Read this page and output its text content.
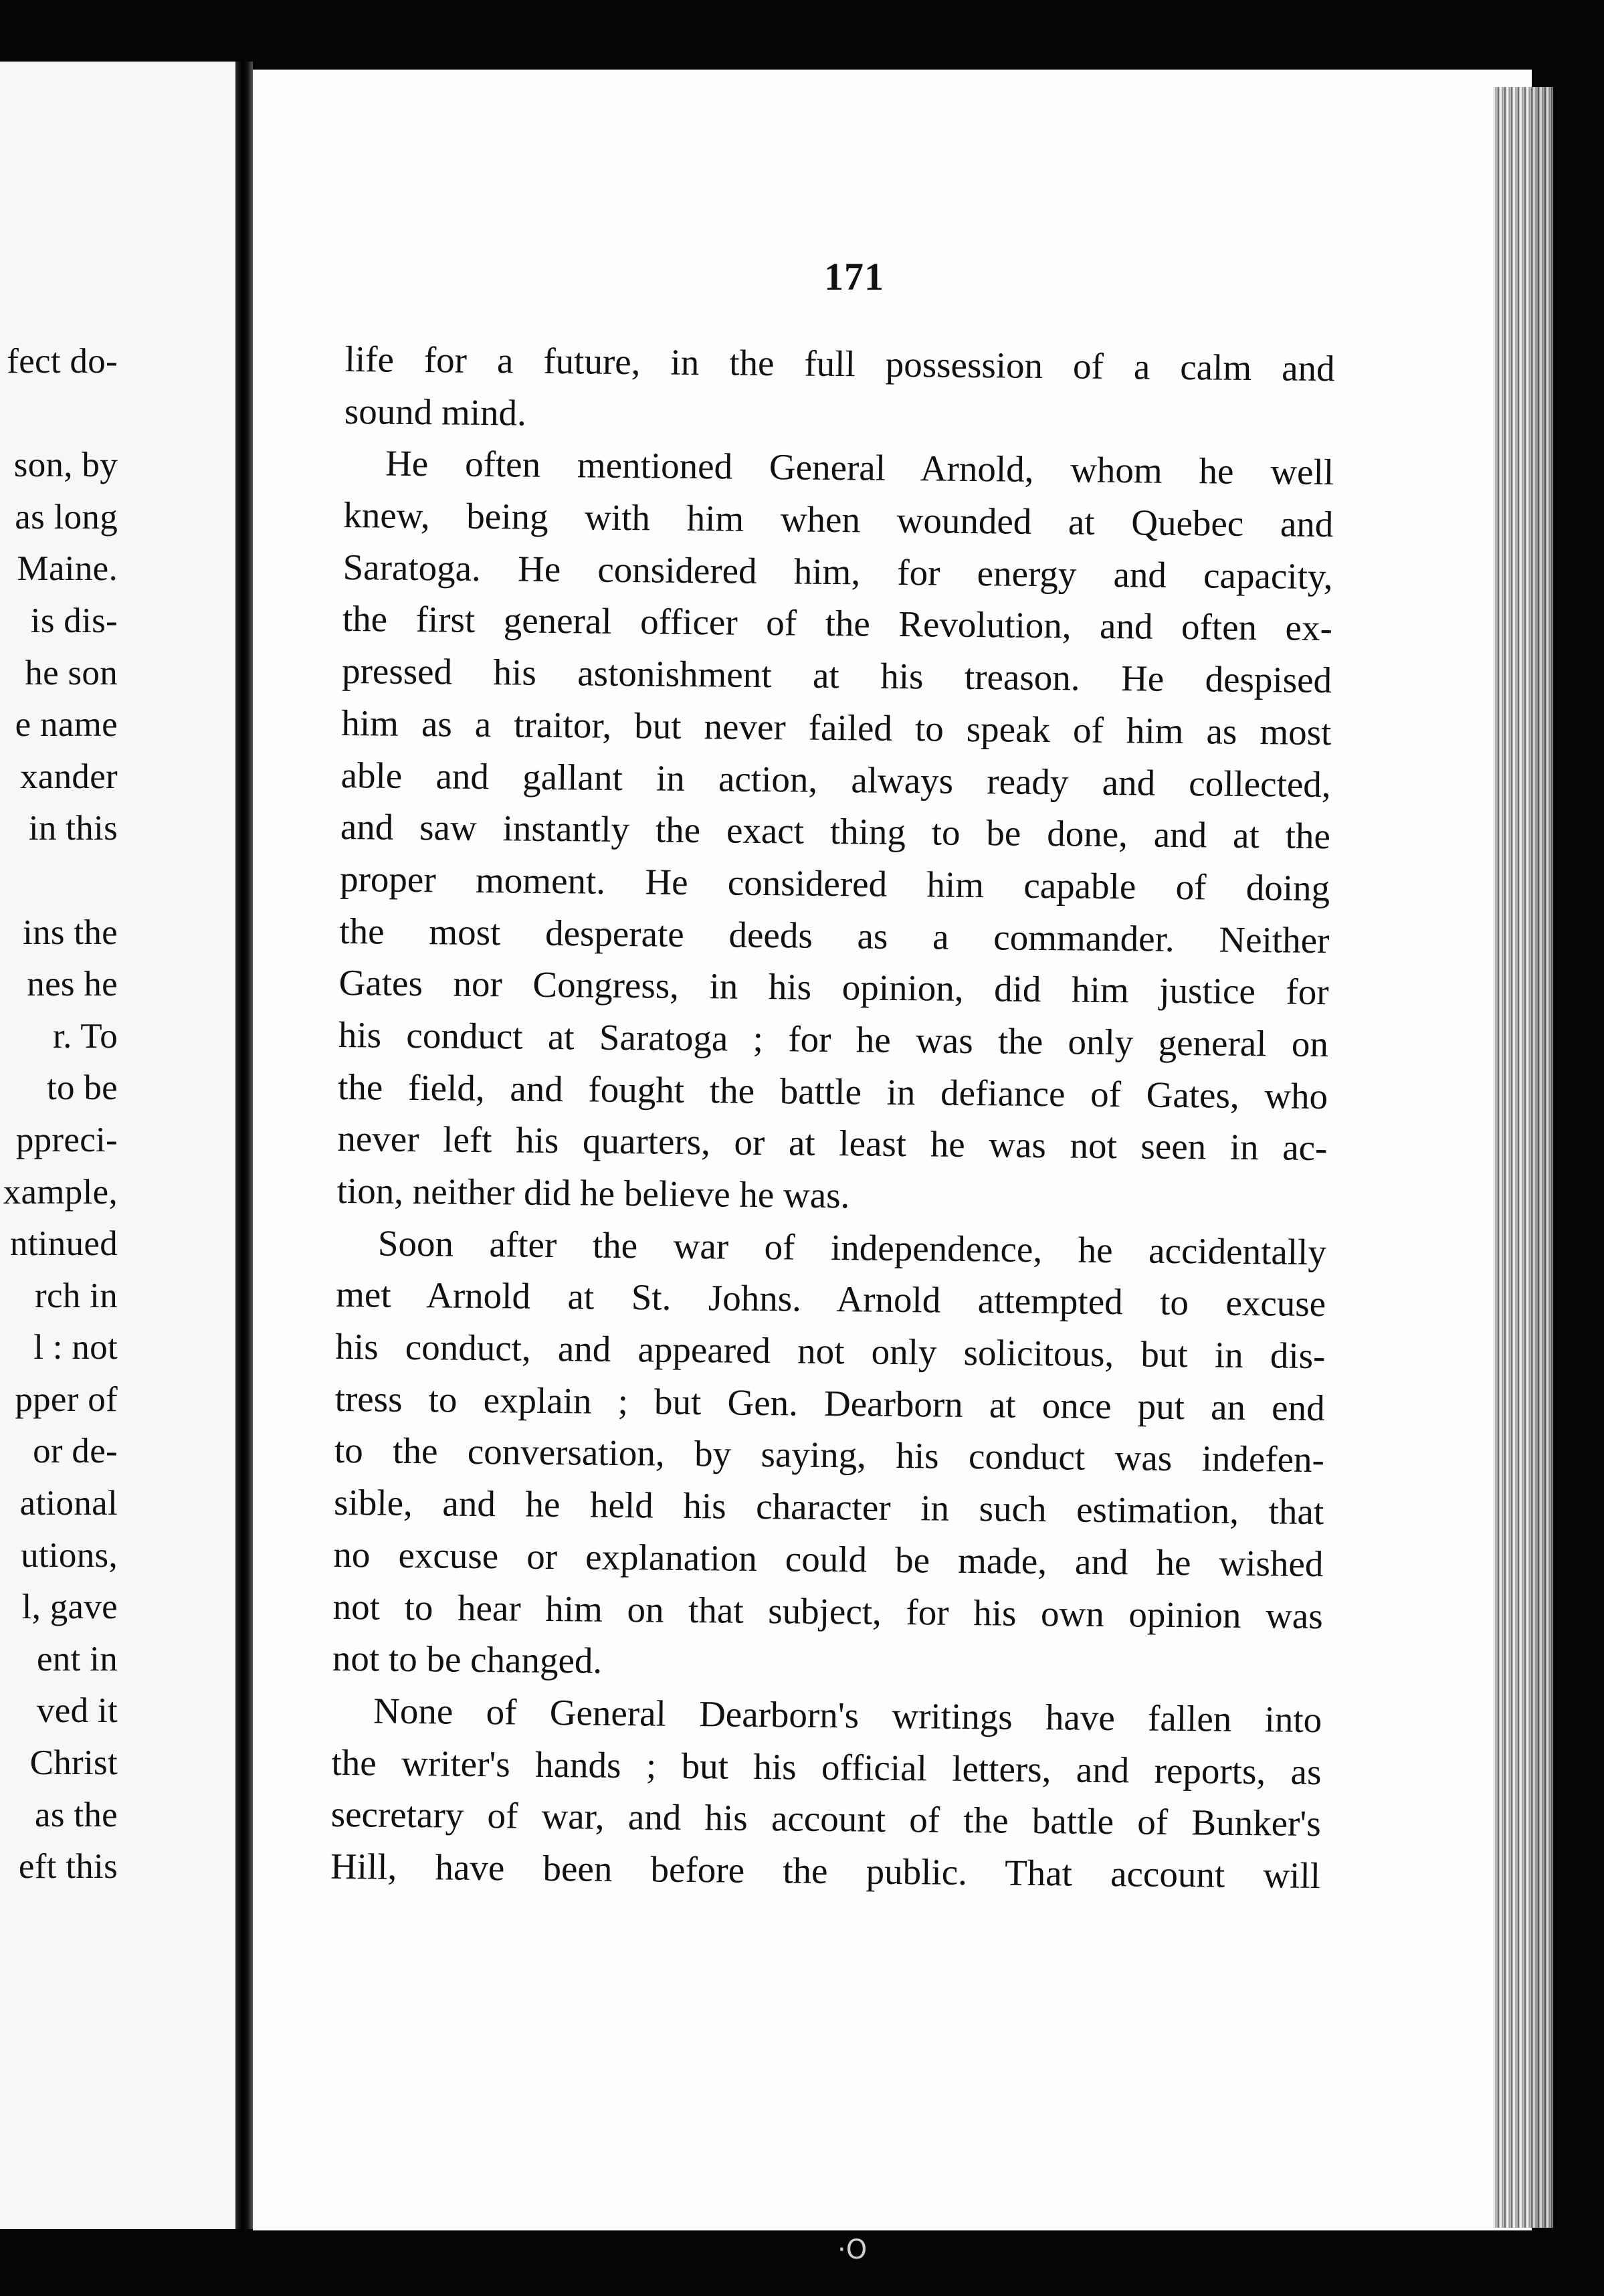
fect do-
son, by
as long
Maine.
is dis-
he son
e name
xander
in this
ins the
nes he
r. To
to be
ppreci-
xample,
ntinued
rch in
l : not
pper of
or de-
ational
utions,
l, gave
ent in
ved it
Christ
as the
eft this
171
life for a future, in the full possession of a calm and
sound mind.
He often mentioned General Arnold, whom he well
knew, being with him when wounded at Quebec and
Saratoga. He considered him, for energy and capacity,
the first general officer of the Revolution, and often ex-
pressed his astonishment at his treason. He despised
him as a traitor, but never failed to speak of him as most
able and gallant in action, always ready and collected,
and saw instantly the exact thing to be done, and at the
proper moment. He considered him capable of doing
the most desperate deeds as a commander. Neither
Gates nor Congress, in his opinion, did him justice for
his conduct at Saratoga ; for he was the only general on
the field, and fought the battle in defiance of Gates, who
never left his quarters, or at least he was not seen in ac-
tion, neither did he believe he was.
Soon after the war of independence, he accidentally
met Arnold at St. Johns. Arnold attempted to excuse
his conduct, and appeared not only solicitous, but in dis-
tress to explain ; but Gen. Dearborn at once put an end
to the conversation, by saying, his conduct was indefen-
sible, and he held his character in such estimation, that
no excuse or explanation could be made, and he wished
not to hear him on that subject, for his own opinion was
not to be changed.
None of General Dearborn's writings have fallen into
the writer's hands ; but his official letters, and reports, as
secretary of war, and his account of the battle of Bunker's
Hill, have been before the public. That account will
·O
